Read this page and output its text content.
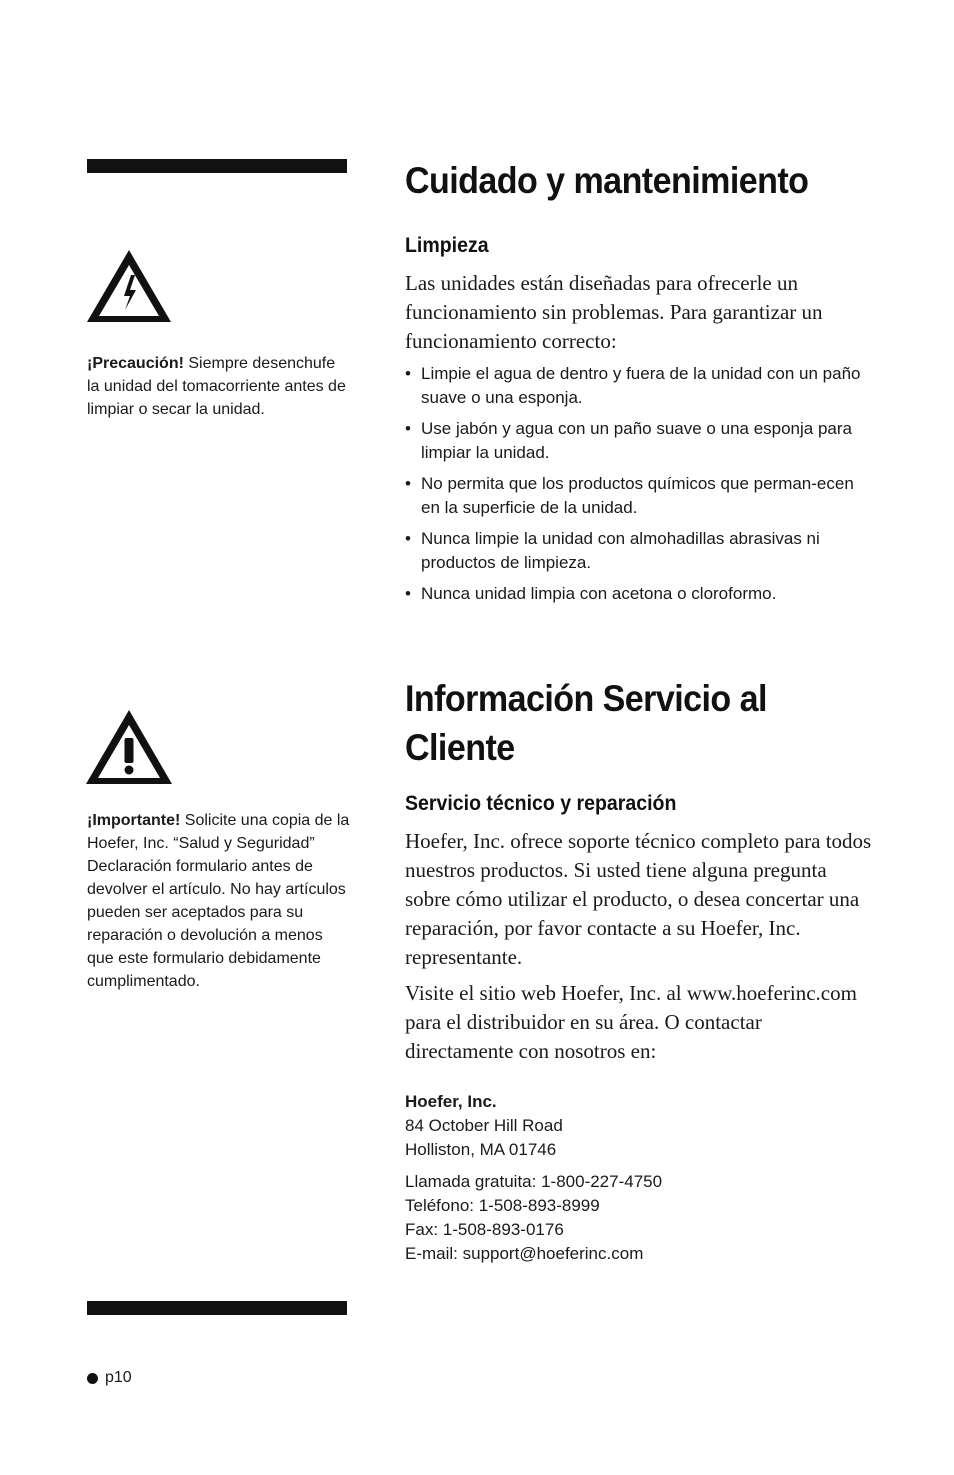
¡Precaución! Siempre desenchufe la unidad del tomacorriente antes de limpiar o secar la unidad.
¡Importante! Solicite una copia de la Hoefer, Inc. “Salud y Seguridad” Declaración formulario antes de devolver el artículo. No hay artículos pueden ser aceptados para su reparación o devolución a menos que este formulario debidamente cumplimentado.
Cuidado y mantenimiento
Limpieza

Las unidades están diseñadas para ofrecerle un funcionamiento sin problemas. Para garantizar un funcionamiento correcto:

• Limpie el agua de dentro y fuera de la unidad con un paño suave o una esponja.
• Use jabón y agua con un paño suave o una esponja para limpiar la unidad.
• No permita que los productos químicos que perman-ecen en la superficie de la unidad.
• Nunca limpie la unidad con almohadillas abrasivas ni productos de limpieza.
• Nunca unidad limpia con acetona o cloroformo.
Información Servicio al
Cliente
Servicio técnico y reparación

Hoefer, Inc. ofrece soporte técnico completo para todos nuestros productos. Si usted tiene alguna pregunta sobre cómo utilizar el producto, o desea concertar una reparación, por favor contacte a su Hoefer, Inc. representante.

Visite el sitio web Hoefer, Inc. al www.hoeferinc.com para el distribuidor en su área. O contactar directamente con nosotros en:

Hoefer, Inc.
84 October Hill Road
Holliston, MA 01746
Llamada gratuita: 1-800-227-4750
Teléfono: 1-508-893-8999
Fax: 1-508-893-0176
E-mail: support@hoeferinc.com
p10
